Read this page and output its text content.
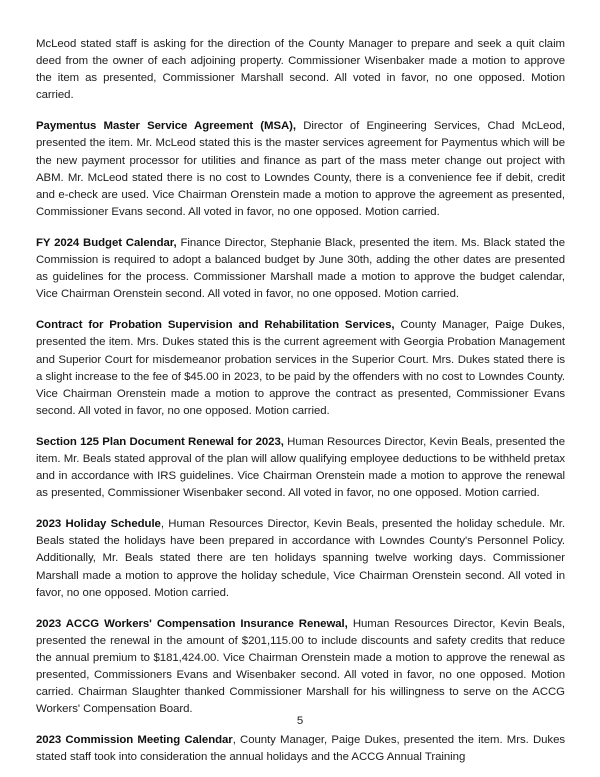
McLeod stated staff is asking for the direction of the County Manager to prepare and seek a quit claim deed from the owner of each adjoining property. Commissioner Wisenbaker made a motion to approve the item as presented, Commissioner Marshall second. All voted in favor, no one opposed. Motion carried.

Paymentus Master Service Agreement (MSA), Director of Engineering Services, Chad McLeod, presented the item. Mr. McLeod stated this is the master services agreement for Paymentus which will be the new payment processor for utilities and finance as part of the mass meter change out project with ABM. Mr. McLeod stated there is no cost to Lowndes County, there is a convenience fee if debit, credit and e-check are used. Vice Chairman Orenstein made a motion to approve the agreement as presented, Commissioner Evans second. All voted in favor, no one opposed. Motion carried.

FY 2024 Budget Calendar, Finance Director, Stephanie Black, presented the item. Ms. Black stated the Commission is required to adopt a balanced budget by June 30th, adding the other dates are presented as guidelines for the process. Commissioner Marshall made a motion to approve the budget calendar, Vice Chairman Orenstein second. All voted in favor, no one opposed. Motion carried.

Contract for Probation Supervision and Rehabilitation Services, County Manager, Paige Dukes, presented the item. Mrs. Dukes stated this is the current agreement with Georgia Probation Management and Superior Court for misdemeanor probation services in the Superior Court. Mrs. Dukes stated there is a slight increase to the fee of $45.00 in 2023, to be paid by the offenders with no cost to Lowndes County. Vice Chairman Orenstein made a motion to approve the contract as presented, Commissioner Evans second. All voted in favor, no one opposed. Motion carried.

Section 125 Plan Document Renewal for 2023, Human Resources Director, Kevin Beals, presented the item. Mr. Beals stated approval of the plan will allow qualifying employee deductions to be withheld pretax and in accordance with IRS guidelines. Vice Chairman Orenstein made a motion to approve the renewal as presented, Commissioner Wisenbaker second. All voted in favor, no one opposed. Motion carried.

2023 Holiday Schedule, Human Resources Director, Kevin Beals, presented the holiday schedule. Mr. Beals stated the holidays have been prepared in accordance with Lowndes County's Personnel Policy. Additionally, Mr. Beals stated there are ten holidays spanning twelve working days. Commissioner Marshall made a motion to approve the holiday schedule, Vice Chairman Orenstein second. All voted in favor, no one opposed. Motion carried.

2023 ACCG Workers' Compensation Insurance Renewal, Human Resources Director, Kevin Beals, presented the renewal in the amount of $201,115.00 to include discounts and safety credits that reduce the annual premium to $181,424.00. Vice Chairman Orenstein made a motion to approve the renewal as presented, Commissioners Evans and Wisenbaker second. All voted in favor, no one opposed. Motion carried. Chairman Slaughter thanked Commissioner Marshall for his willingness to serve on the ACCG Workers' Compensation Board.

2023 Commission Meeting Calendar, County Manager, Paige Dukes, presented the item. Mrs. Dukes stated staff took into consideration the annual holidays and the ACCG Annual Training

5
